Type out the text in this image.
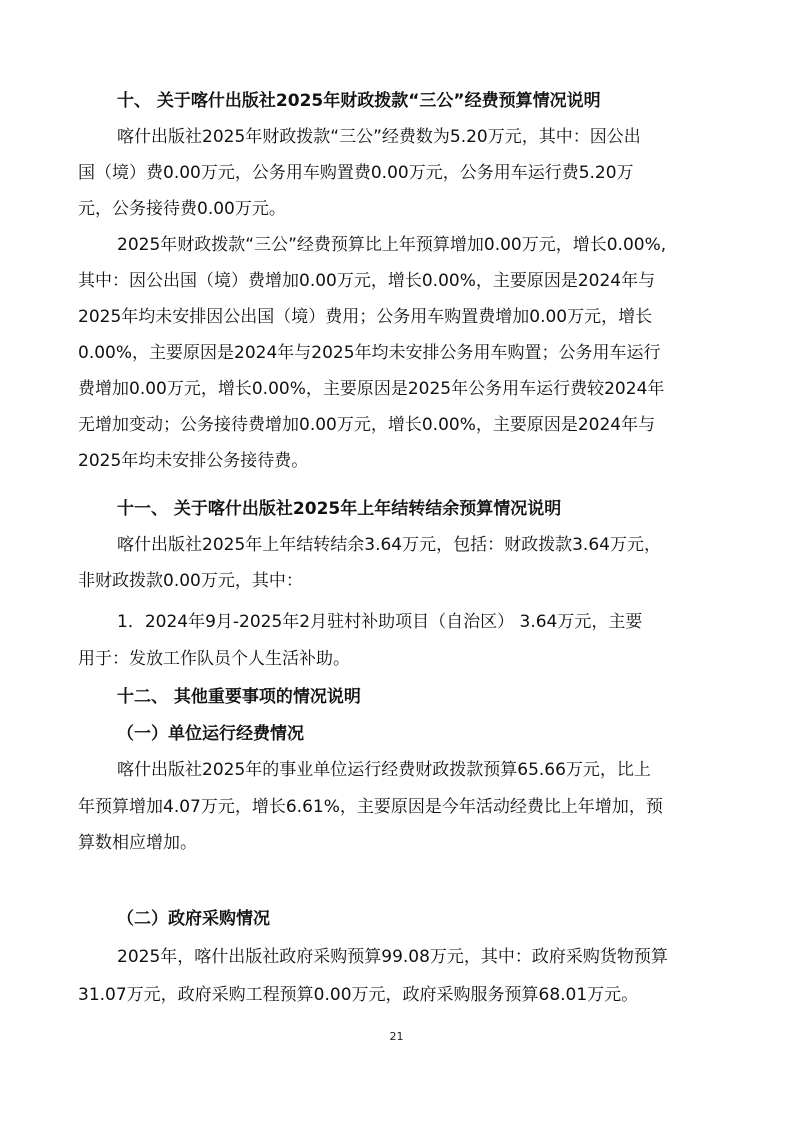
十、 关于喀什出版社2025年财政拨款“三公”经费预算情况说明
喀什出版社2025年财政拨款“三公”经费数为5.20万元，其中：因公出
国（境）费0.00万元，公务用车购置费0.00万元，公务用车运行费5.20万
元，公务接待费0.00万元。
2025年财政拨款“三公”经费预算比上年预算增加0.00万元，增长0.00%,
其中：因公出国（境）费增加0.00万元，增长0.00%，主要原因是2024年与
2025年均未安排因公出国（境）费用；公务用车购置费增加0.00万元，增长
0.00%，主要原因是2024年与2025年均未安排公务用车购置；公务用车运行
费增加0.00万元，增长0.00%，主要原因是2025年公务用车运行费较2024年
无增加变动；公务接待费增加0.00万元，增长0.00%，主要原因是2024年与
2025年均未安排公务接待费。
十一、 关于喀什出版社2025年上年结转结余预算情况说明
喀什出版社2025年上年结转结余3.64万元，包括：财政拨款3.64万元，
非财政拨款0.00万元，其中：
1．2024年9月-2025年2月驻村补助项目（自治区） 3.64万元，主要
用于：发放工作队员个人生活补助。
十二、 其他重要事项的情况说明
（一）单位运行经费情况
喀什出版社2025年的事业单位运行经费财政拨款预算65.66万元，比上
年预算增加4.07万元，增长6.61%，主要原因是今年活动经费比上年增加，预
算数相应增加。
（二）政府采购情况
2025年，喀什出版社政府采购预算99.08万元，其中：政府采购货物预算
31.07万元，政府采购工程预算0.00万元，政府采购服务预算68.01万元。
21
